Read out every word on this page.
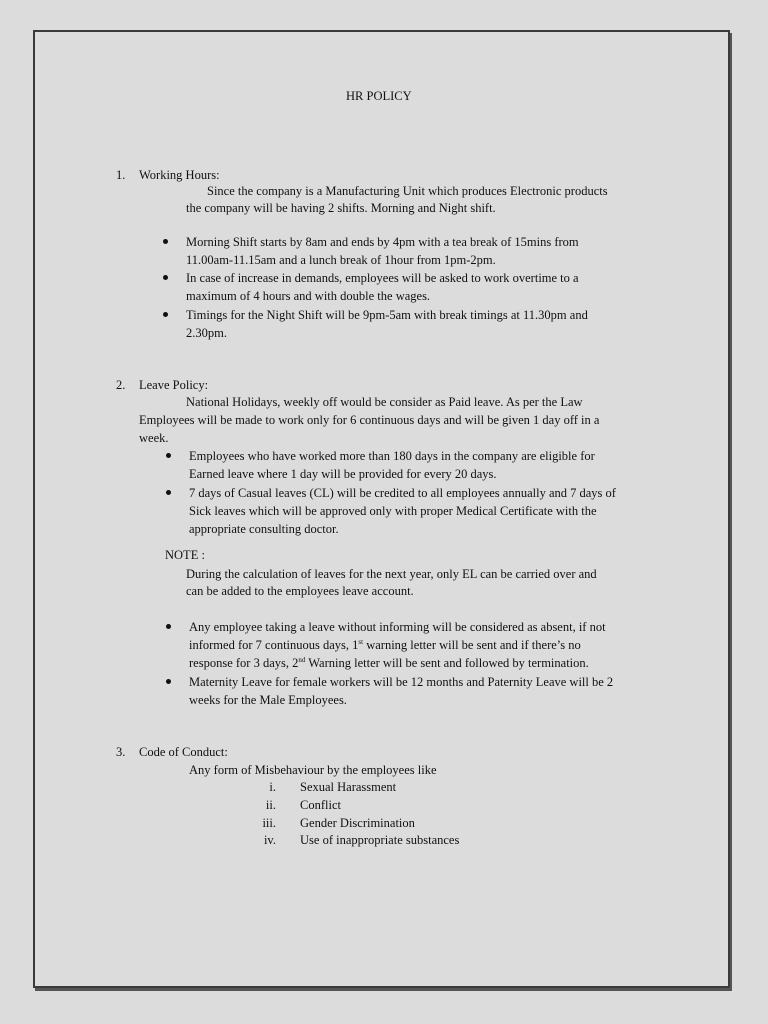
HR POLICY
1. Working Hours:
Since the company is a Manufacturing Unit which produces Electronic products
the company will be having 2 shifts. Morning and Night shift.
Morning Shift starts by 8am and ends by 4pm with a tea break of 15mins from
11.00am-11.15am and a lunch break of 1hour from 1pm-2pm.
In case of increase in demands, employees will be asked to work overtime to a
maximum of 4 hours and with double the wages.
Timings for the Night Shift will be 9pm-5am with break timings at 11.30pm and
2.30pm.
2. Leave Policy:
National Holidays, weekly off would be consider as Paid leave. As per the Law
Employees will be made to work only for 6 continuous days and will be given 1 day off in a
week.
Employees who have worked more than 180 days in the company are eligible for
Earned leave where 1 day will be provided for every 20 days.
7 days of Casual leaves (CL) will be credited to all employees annually and 7 days of
Sick leaves which will be approved only with proper Medical Certificate with the
appropriate consulting doctor.
NOTE :
During the calculation of leaves for the next year, only EL can be carried over and
can be added to the employees leave account.
Any employee taking a leave without informing will be considered as absent, if not
informed for 7 continuous days, 1st warning letter will be sent and if there’s no
response for 3 days, 2nd Warning letter will be sent and followed by termination.
Maternity Leave for female workers will be 12 months and Paternity Leave will be 2
weeks for the Male Employees.
3. Code of Conduct:
Any form of Misbehaviour by the employees like
i. Sexual Harassment
ii. Conflict
iii. Gender Discrimination
iv. Use of inappropriate substances
